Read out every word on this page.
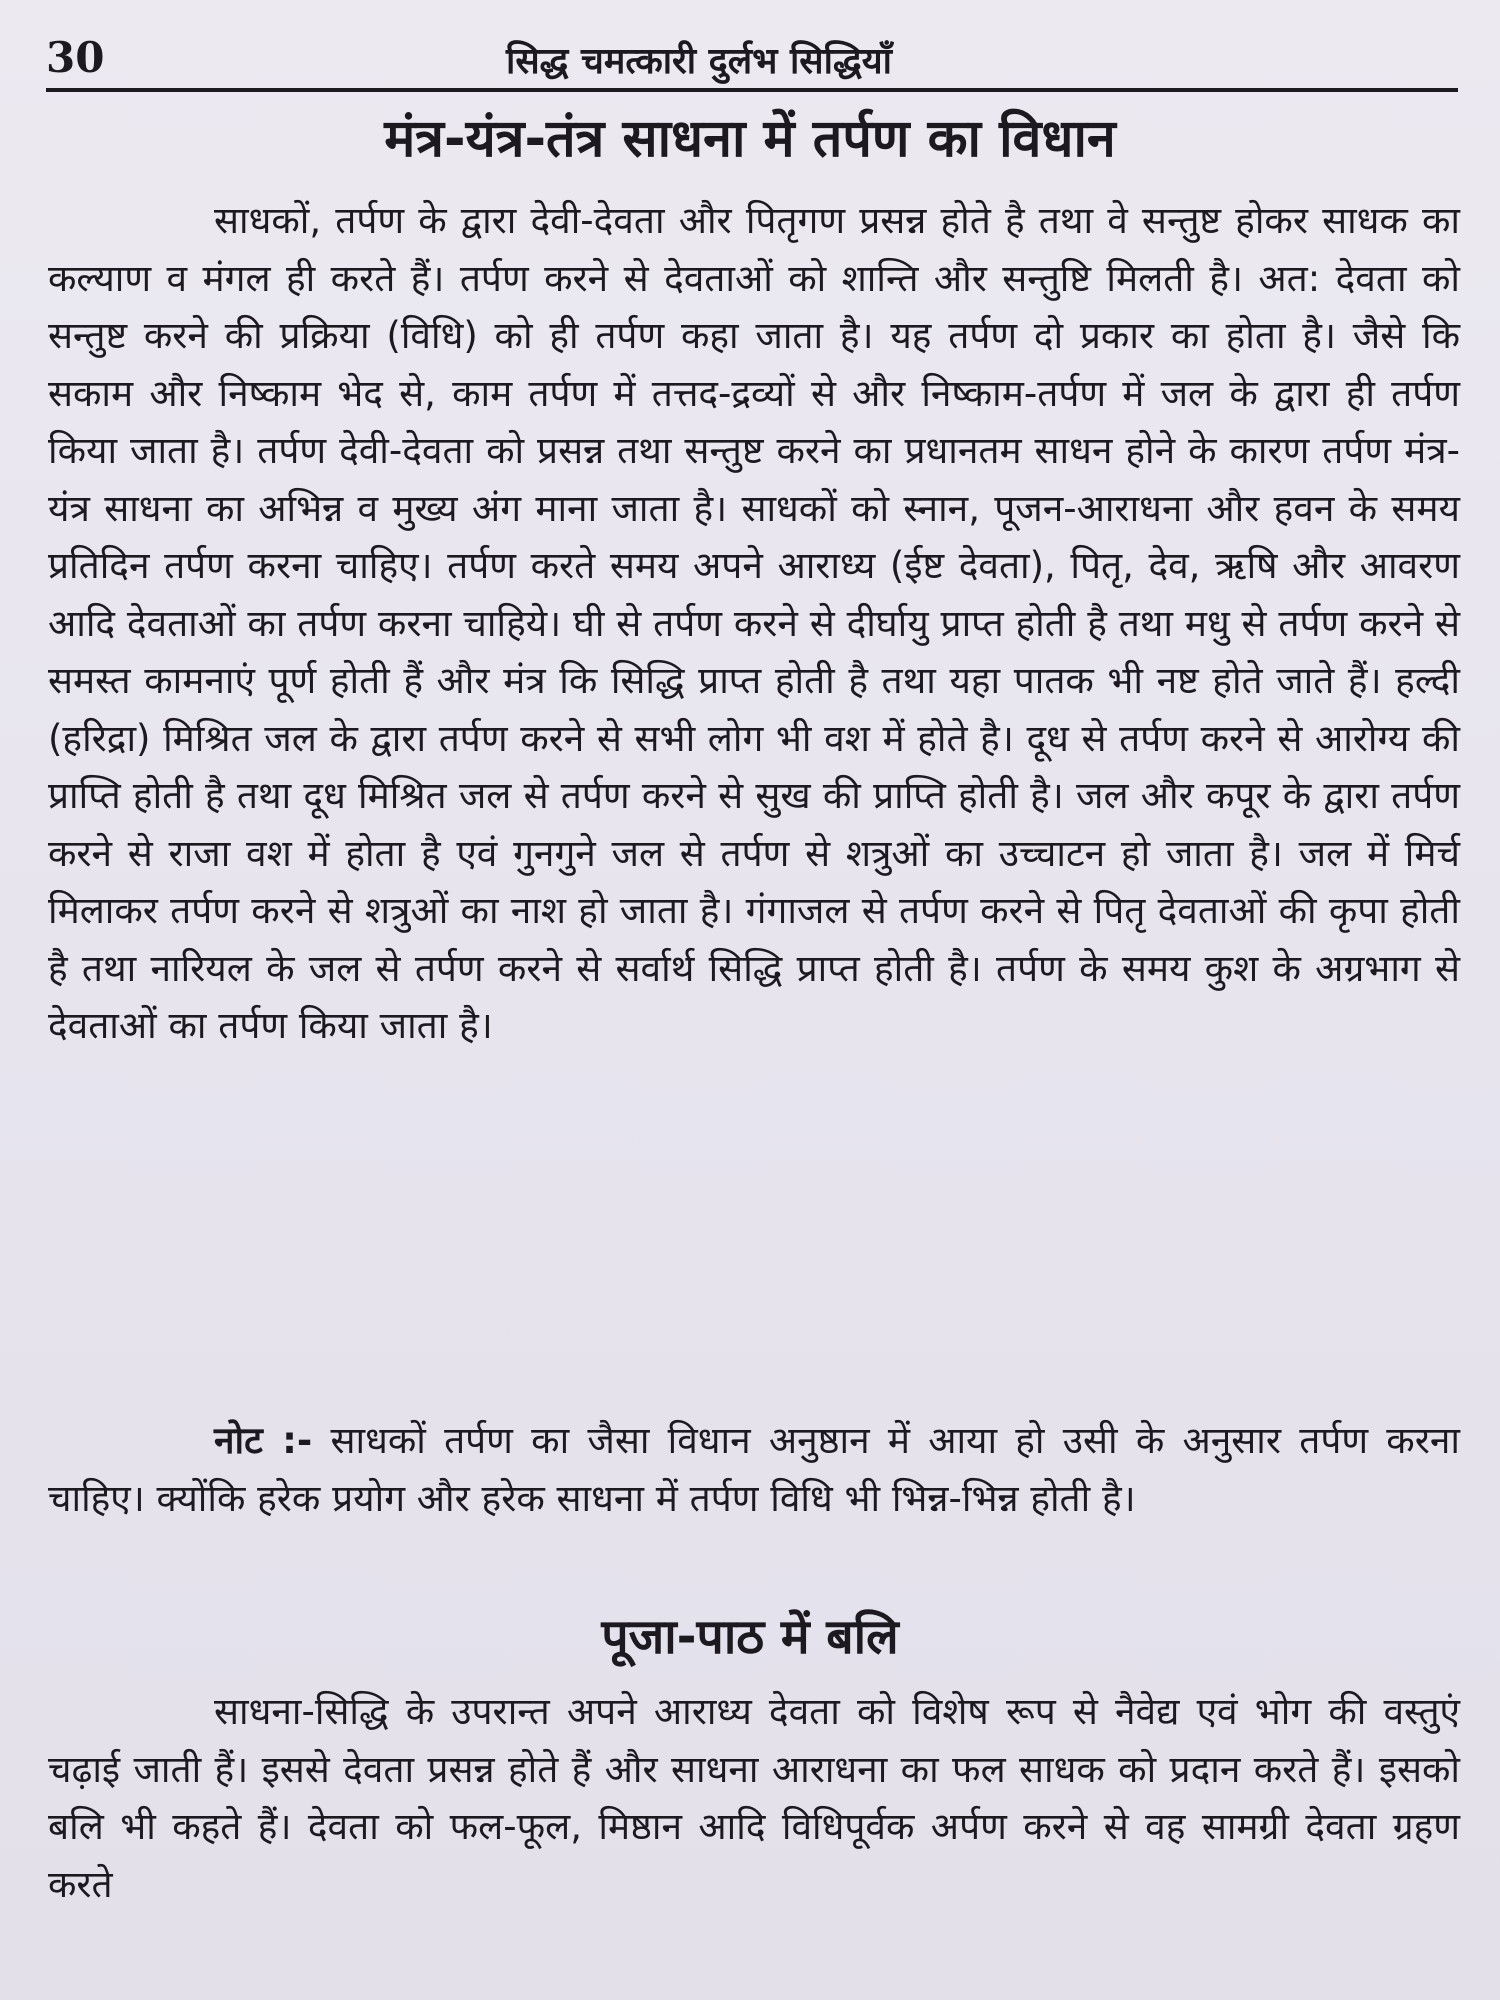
30	सिद्ध चमत्कारी दुर्लभ सिद्धियाँ
मंत्र-यंत्र-तंत्र साधना में तर्पण का विधान

साधकों, तर्पण के द्वारा देवी-देवता और पितृगण प्रसन्न होते है तथा वे सन्तुष्ट होकर साधक का कल्याण व मंगल ही करते हैं। तर्पण करने से देवताओं को शान्ति और सन्तुष्टि मिलती है। अत: देवता को सन्तुष्ट करने की प्रक्रिया (विधि) को ही तर्पण कहा जाता है। यह तर्पण दो प्रकार का होता है। जैसे कि सकाम और निष्काम भेद से, काम तर्पण में तत्तद-द्रव्यों से और निष्काम-तर्पण में जल के द्वारा ही तर्पण किया जाता है। तर्पण देवी-देवता को प्रसन्न तथा सन्तुष्ट करने का प्रधानतम साधन होने के कारण तर्पण मंत्र-यंत्र साधना का अभिन्न व मुख्य अंग माना जाता है। साधकों को स्नान, पूजन-आराधना और हवन के समय प्रतिदिन तर्पण करना चाहिए। तर्पण करते समय अपने आराध्य (ईष्ट देवता), पितृ, देव, ऋषि और आवरण आदि देवताओं का तर्पण करना चाहिये। घी से तर्पण करने से दीर्घायु प्राप्त होती है तथा मधु से तर्पण करने से समस्त कामनाएं पूर्ण होती हैं और मंत्र कि सिद्धि प्राप्त होती है तथा यहा पातक भी नष्ट होते जाते हैं। हल्दी (हरिद्रा) मिश्रित जल के द्वारा तर्पण करने से सभी लोग भी वश में होते है। दूध से तर्पण करने से आरोग्य की प्राप्ति होती है तथा दूध मिश्रित जल से तर्पण करने से सुख की प्राप्ति होती है। जल और कपूर के द्वारा तर्पण करने से राजा वश में होता है एवं गुनगुने जल से तर्पण से शत्रुओं का उच्चाटन हो जाता है। जल में मिर्च मिलाकर तर्पण करने से शत्रुओं का नाश हो जाता है। गंगाजल से तर्पण करने से पितृ देवताओं की कृपा होती है तथा नारियल के जल से तर्पण करने से सर्वार्थ सिद्धि प्राप्त होती है। तर्पण के समय कुश के अग्रभाग से देवताओं का तर्पण किया जाता है।

नोट :- साधकों तर्पण का जैसा विधान अनुष्ठान में आया हो उसी के अनुसार तर्पण करना चाहिए। क्योंकि हरेक प्रयोग और हरेक साधना में तर्पण विधि भी भिन्न-भिन्न होती है।

पूजा-पाठ में बलि

साधना-सिद्धि के उपरान्त अपने आराध्य देवता को विशेष रूप से नैवेद्य एवं भोग की वस्तुएं चढ़ाई जाती हैं। इससे देवता प्रसन्न होते हैं और साधना आराधना का फल साधक को प्रदान करते हैं। इसको बलि भी कहते हैं। देवता को फल-फूल, मिष्ठान आदि विधिपूर्वक अर्पण करने से वह सामग्री देवता ग्रहण करते
